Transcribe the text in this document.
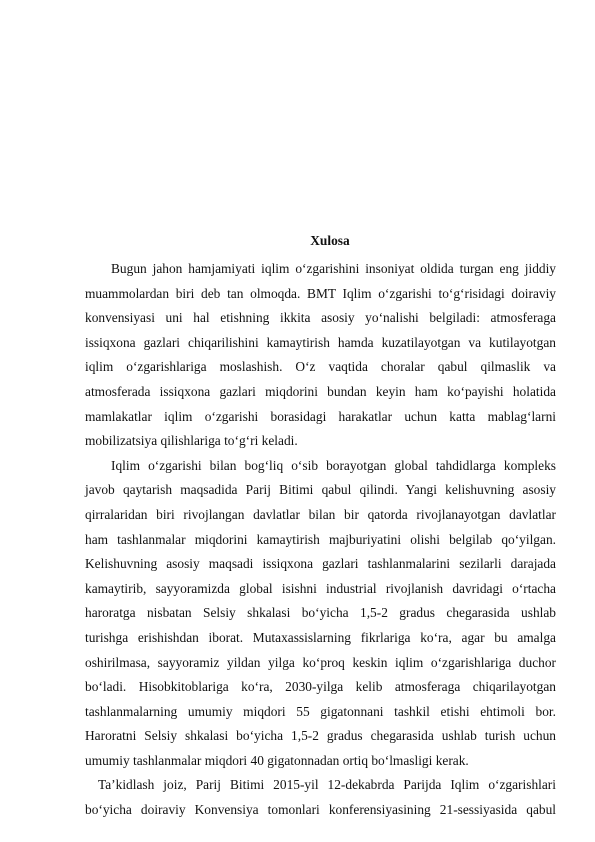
Xulosa
Bugun jahon hamjamiyati iqlim o‘zgarishini insoniyat oldida turgan eng jiddiy
muammolardan biri deb tan olmoqda. BMT Iqlim o‘zgarishi to‘g‘risidagi doiraviy
konvensiyasi uni hal etishning ikkita asosiy yo‘nalishi belgiladi: atmosferaga
issiqxona gazlari chiqarilishini kamaytirish hamda kuzatilayotgan va kutilayotgan
iqlim o‘zgarishlariga moslashish. O‘z vaqtida choralar qabul qilmaslik va
atmosferada issiqxona gazlari miqdorini bundan keyin ham ko‘payishi holatida
mamlakatlar iqlim o‘zgarishi borasidagi harakatlar uchun katta mablag‘larni
mobilizatsiya qilishlariga to‘g‘ri keladi.
Iqlim o‘zgarishi bilan bog‘liq o‘sib borayotgan global tahdidlarga kompleks
javob qaytarish maqsadida Parij Bitimi qabul qilindi. Yangi kelishuvning asosiy
qirralaridan biri rivojlangan davlatlar bilan bir qatorda rivojlanayotgan davlatlar
ham tashlanmalar miqdorini kamaytirish majburiyatini olishi belgilab qo‘yilgan.
Kelishuvning asosiy maqsadi issiqxona gazlari tashlanmalarini sezilarli darajada
kamaytirib, sayyoramizda global isishni industrial rivojlanish davridagi o‘rtacha
haroratga nisbatan Selsiy shkalasi bo‘yicha 1,5-2 gradus chegarasida ushlab
turishga erishishdan iborat. Mutaxassislarning fikrlariga ko‘ra, agar bu amalga
oshirilmasa, sayyoramiz yildan yilga ko‘proq keskin iqlim o‘zgarishlariga duchor
bo‘ladi. Hisobkitoblariga ko‘ra, 2030-yilga kelib atmosferaga chiqarilayotgan
tashlanmalarning umumiy miqdori 55 gigatonnani tashkil etishi ehtimoli bor.
Haroratni Selsiy shkalasi bo‘yicha 1,5-2 gradus chegarasida ushlab turish uchun
umumiy tashlanmalar miqdori 40 gigatonnadan ortiq bo‘lmasligi kerak.
Ta’kidlash joiz, Parij Bitimi 2015-yil 12-dekabrda Parijda Iqlim o‘zgarishlari
bo‘yicha doiraviy Konvensiya tomonlari konferensiyasining 21-sessiyasida qabul
